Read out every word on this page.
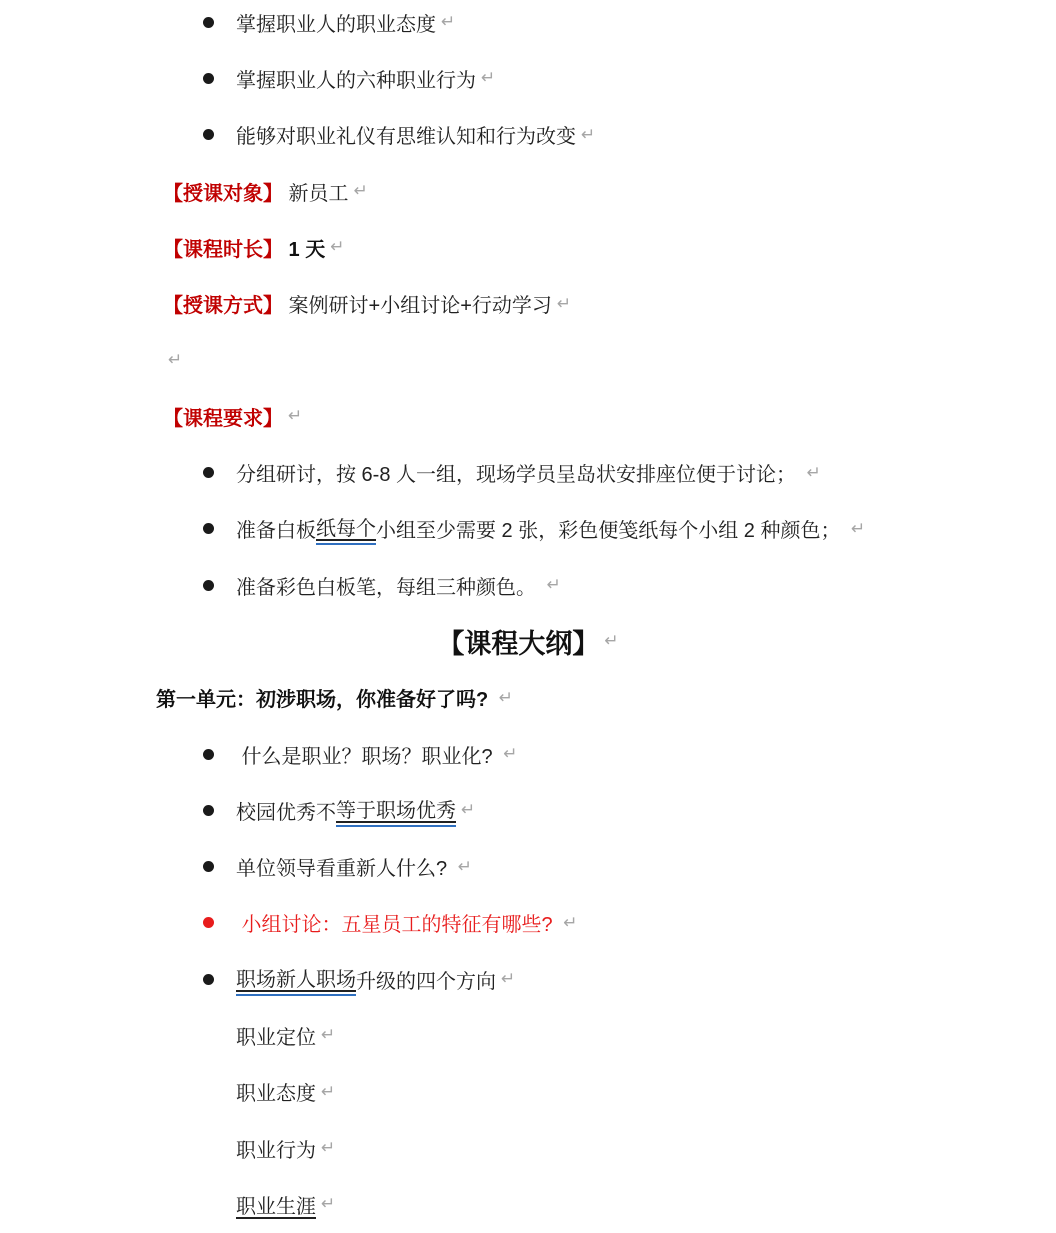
掌握职业人的职业态度 ↵
掌握职业人的六种职业行为 ↵
能够对职业礼仪有思维认知和行为改变 ↵
【授课对象】 新员工 ↵
【课程时长】 1 天 ↵
【授课方式】 案例研讨+小组讨论+行动学习 ↵
↵
【课程要求】 ↵
分组研讨，按 6-8 人一组，现场学员呈岛状安排座位便于讨论； ↵
准备白板 纸每个 小组至少需要 2 张，彩色便笺纸每个小组 2 种颜色； ↵
准备彩色白板笔，每组三种颜色。 ↵
【课程大纲】 ↵
第一单元：初涉职场，你准备好了吗? ↵
什么是职业？职场？职业化? ↵
校园优秀不 等于职场优秀 ↵
单位领导看重新人什么? ↵
小组讨论：五星员工的特征有哪些? ↵
职场新人职场 升级的四个方向 ↵
职业定位 ↵
职业态度 ↵
职业行为 ↵
职业生涯 ↵
